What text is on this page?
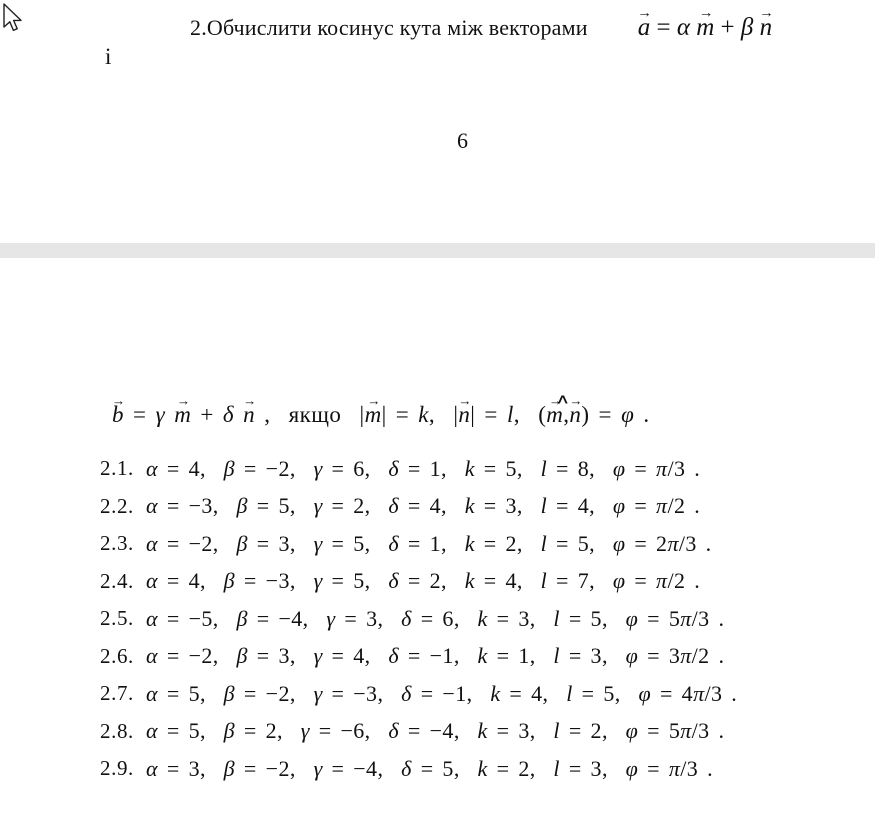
2.Обчислити косинус кута між векторами a → = α m → + β n →
і
6
b → = γ m → + δ n → ,  якщо |m →| = k,  |n →| = l,
∧
(m →,n →) = φ .
2.1. α = 4,  β = −2,  γ = 6,  δ = 1,  k = 5,  l = 8,  φ = π/3 .
2.2. α = −3,  β = 5,  γ = 2,  δ = 4,  k = 3,  l = 4,  φ = π/2 .
2.3. α = −2,  β = 3,  γ = 5,  δ = 1,  k = 2,  l = 5,  φ = 2π/3 .
2.4. α = 4,  β = −3,  γ = 5,  δ = 2,  k = 4,  l = 7,  φ = π/2 .
2.5. α = −5,  β = −4,  γ = 3,  δ = 6,  k = 3,  l = 5,  φ = 5π/3 .
2.6. α = −2,  β = 3,  γ = 4,  δ = −1,  k = 1,  l = 3,  φ = 3π/2 .
2.7. α = 5,  β = −2,  γ = −3,  δ = −1,  k = 4,  l = 5,  φ = 4π/3 .
2.8. α = 5,  β = 2,  γ = −6,  δ = −4,  k = 3,  l = 2,  φ = 5π/3 .
2.9. α = 3,  β = −2,  γ = −4,  δ = 5,  k = 2,  l = 3,  φ = π/3 .
